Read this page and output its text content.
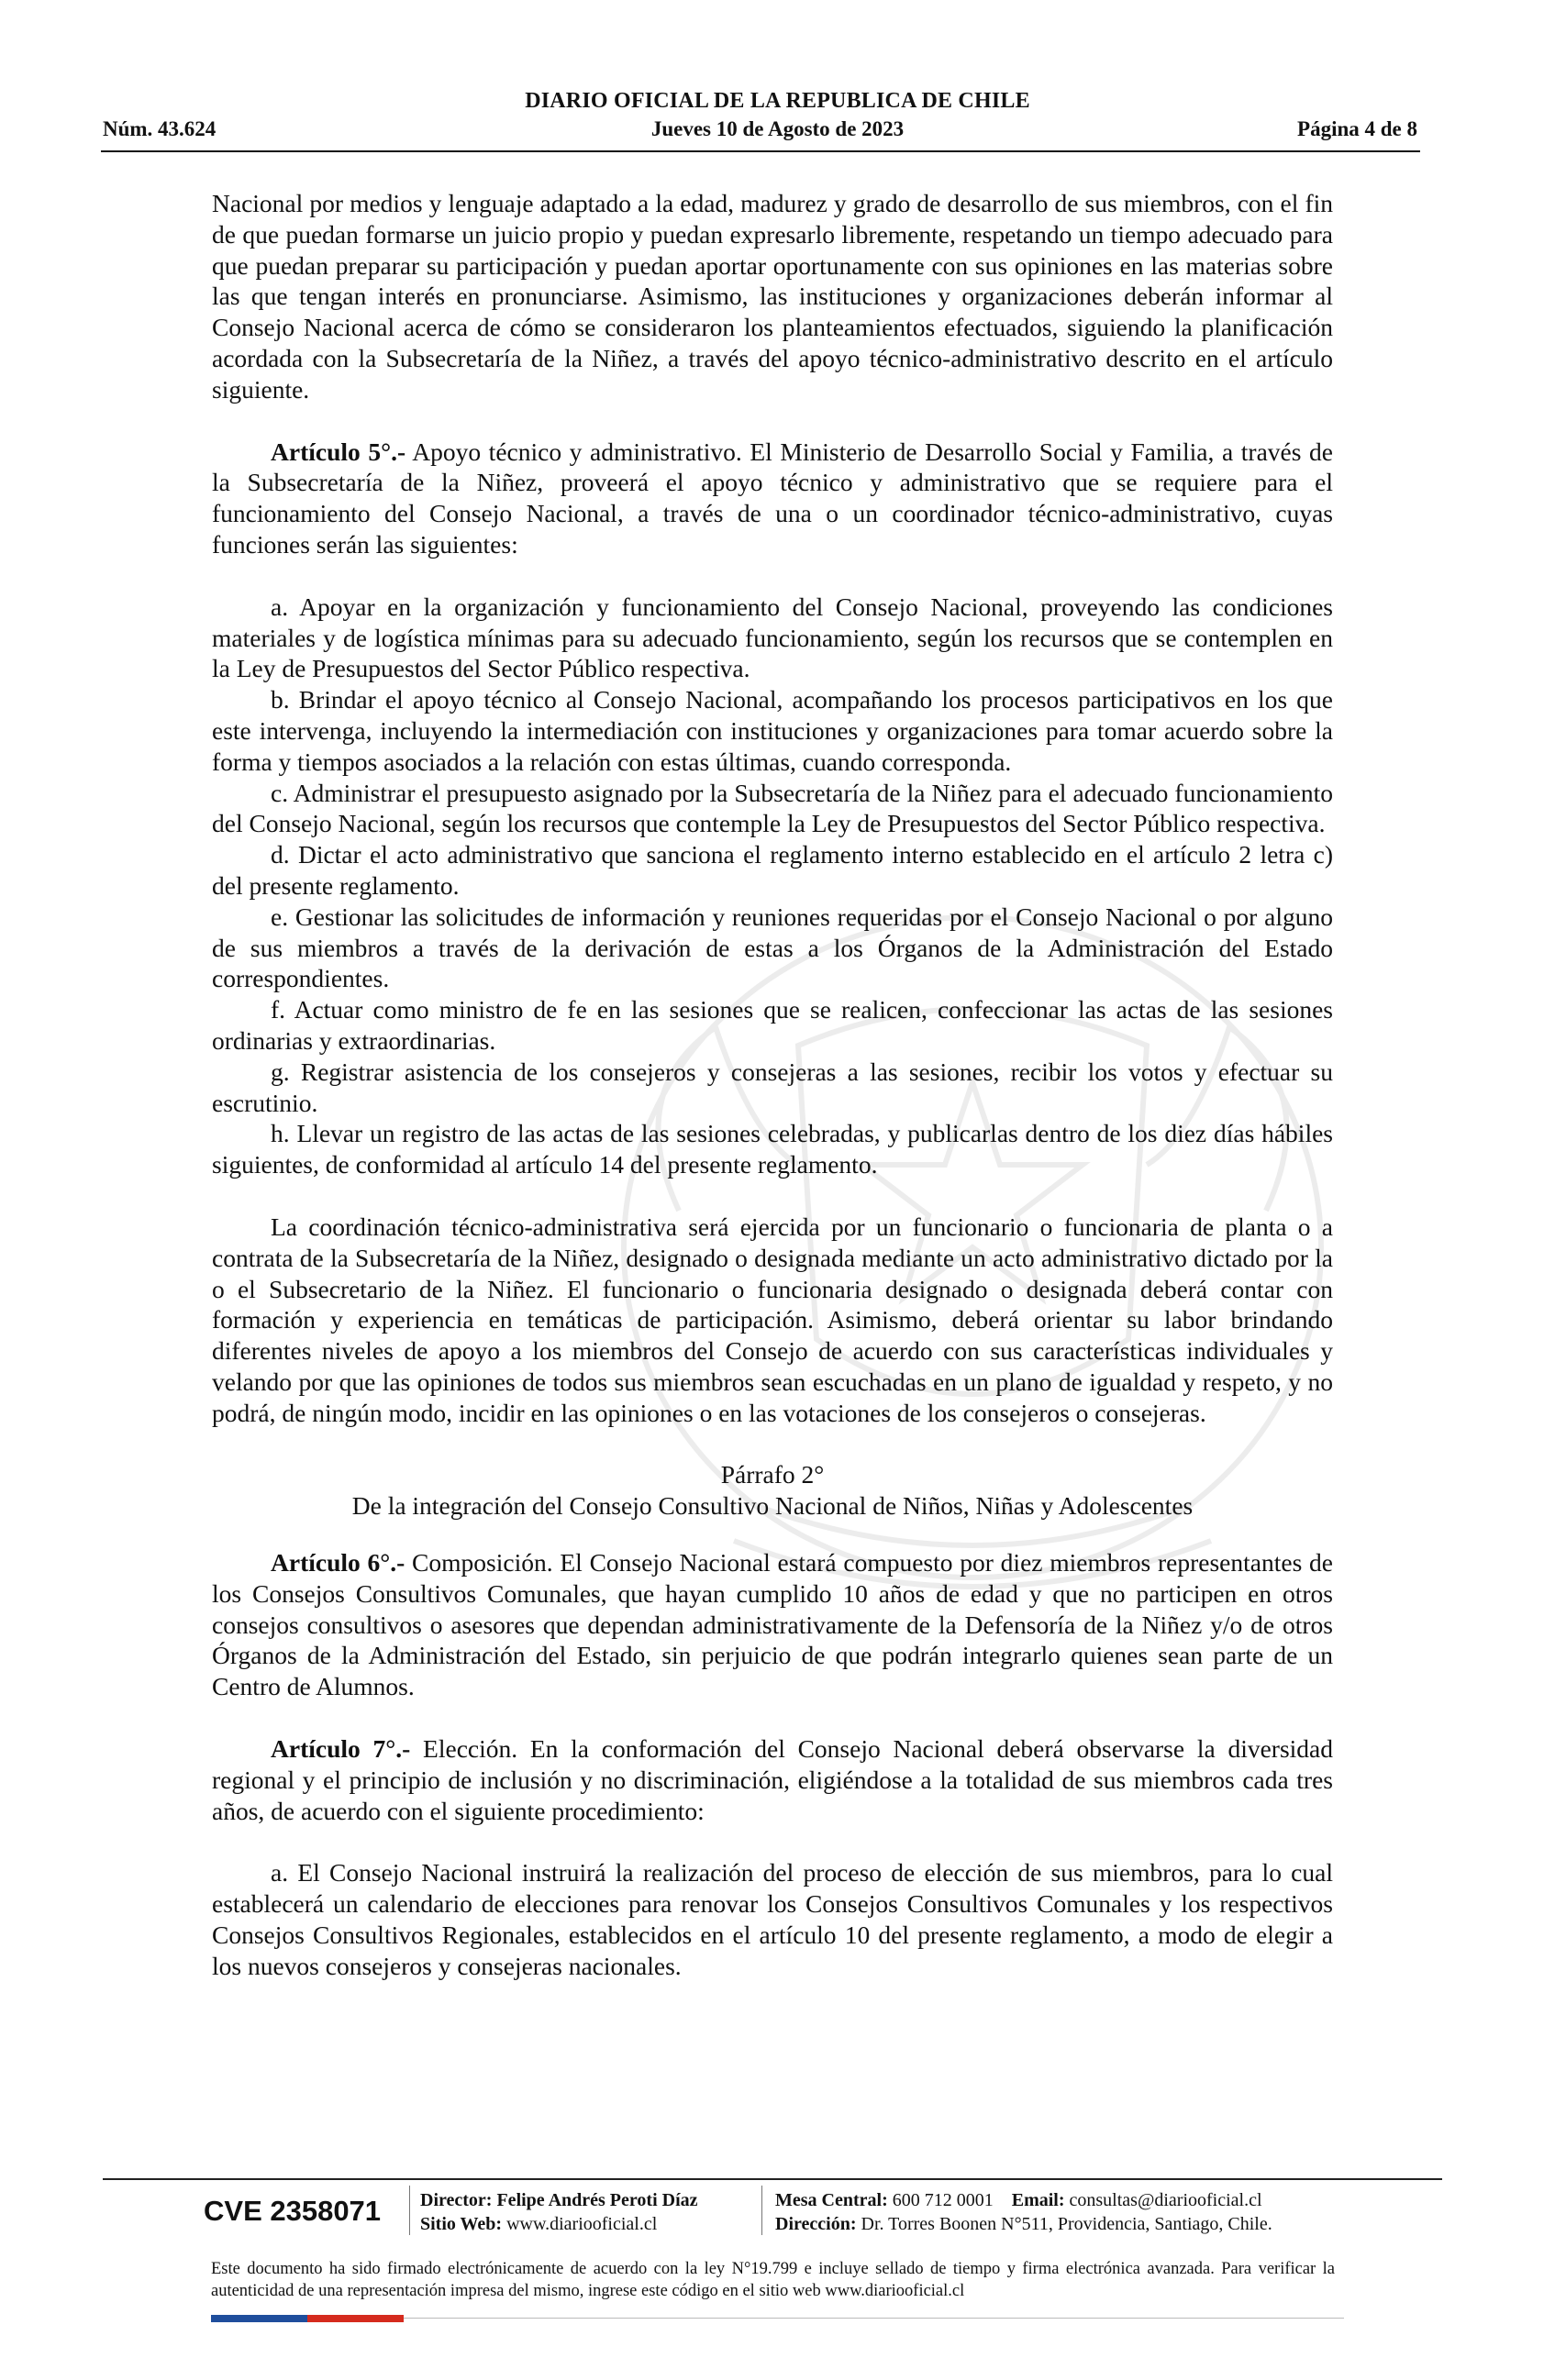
DIARIO OFICIAL DE LA REPUBLICA DE CHILE
Núm. 43.624	Jueves 10 de Agosto de 2023	Página 4 de 8

Nacional por medios y lenguaje adaptado a la edad, madurez y grado de desarrollo de sus miembros, con el fin de que puedan formarse un juicio propio y puedan expresarlo libremente, respetando un tiempo adecuado para que puedan preparar su participación y puedan aportar oportunamente con sus opiniones en las materias sobre las que tengan interés en pronunciarse. Asimismo, las instituciones y organizaciones deberán informar al Consejo Nacional acerca de cómo se consideraron los planteamientos efectuados, siguiendo la planificación acordada con la Subsecretaría de la Niñez, a través del apoyo técnico-administrativo descrito en el artículo siguiente.

Artículo 5°.- Apoyo técnico y administrativo. El Ministerio de Desarrollo Social y Familia, a través de la Subsecretaría de la Niñez, proveerá el apoyo técnico y administrativo que se requiere para el funcionamiento del Consejo Nacional, a través de una o un coordinador técnico-administrativo, cuyas funciones serán las siguientes:

a. Apoyar en la organización y funcionamiento del Consejo Nacional, proveyendo las condiciones materiales y de logística mínimas para su adecuado funcionamiento, según los recursos que se contemplen en la Ley de Presupuestos del Sector Público respectiva.

b. Brindar el apoyo técnico al Consejo Nacional, acompañando los procesos participativos en los que este intervenga, incluyendo la intermediación con instituciones y organizaciones para tomar acuerdo sobre la forma y tiempos asociados a la relación con estas últimas, cuando corresponda.

c. Administrar el presupuesto asignado por la Subsecretaría de la Niñez para el adecuado funcionamiento del Consejo Nacional, según los recursos que contemple la Ley de Presupuestos del Sector Público respectiva.

d. Dictar el acto administrativo que sanciona el reglamento interno establecido en el artículo 2 letra c) del presente reglamento.

e. Gestionar las solicitudes de información y reuniones requeridas por el Consejo Nacional o por alguno de sus miembros a través de la derivación de estas a los Órganos de la Administración del Estado correspondientes.

f. Actuar como ministro de fe en las sesiones que se realicen, confeccionar las actas de las sesiones ordinarias y extraordinarias.

g. Registrar asistencia de los consejeros y consejeras a las sesiones, recibir los votos y efectuar su escrutinio.

h. Llevar un registro de las actas de las sesiones celebradas, y publicarlas dentro de los diez días hábiles siguientes, de conformidad al artículo 14 del presente reglamento.

La coordinación técnico-administrativa será ejercida por un funcionario o funcionaria de planta o a contrata de la Subsecretaría de la Niñez, designado o designada mediante un acto administrativo dictado por la o el Subsecretario de la Niñez. El funcionario o funcionaria designado o designada deberá contar con formación y experiencia en temáticas de participación. Asimismo, deberá orientar su labor brindando diferentes niveles de apoyo a los miembros del Consejo de acuerdo con sus características individuales y velando por que las opiniones de todos sus miembros sean escuchadas en un plano de igualdad y respeto, y no podrá, de ningún modo, incidir en las opiniones o en las votaciones de los consejeros o consejeras.

Párrafo 2°

De la integración del Consejo Consultivo Nacional de Niños, Niñas y Adolescentes

Artículo 6°.- Composición. El Consejo Nacional estará compuesto por diez miembros representantes de los Consejos Consultivos Comunales, que hayan cumplido 10 años de edad y que no participen en otros consejos consultivos o asesores que dependan administrativamente de la Defensoría de la Niñez y/o de otros Órganos de la Administración del Estado, sin perjuicio de que podrán integrarlo quienes sean parte de un Centro de Alumnos.

Artículo 7°.- Elección. En la conformación del Consejo Nacional deberá observarse la diversidad regional y el principio de inclusión y no discriminación, eligiéndose a la totalidad de sus miembros cada tres años, de acuerdo con el siguiente procedimiento:

a. El Consejo Nacional instruirá la realización del proceso de elección de sus miembros, para lo cual establecerá un calendario de elecciones para renovar los Consejos Consultivos Comunales y los respectivos Consejos Consultivos Regionales, establecidos en el artículo 10 del presente reglamento, a modo de elegir a los nuevos consejeros y consejeras nacionales.

CVE 2358071 Director: Felipe Andrés Peroti Díaz
Sitio Web: www.diariooficial.cl
Mesa Central: 600 712 0001 Email: consultas@diariooficial.cl
Dirección: Dr. Torres Boonen N°511, Providencia, Santiago, Chile.
Este documento ha sido firmado electrónicamente de acuerdo con la ley N°19.799 e incluye sellado de tiempo y firma electrónica avanzada. Para verificar la autenticidad de una representación impresa del mismo, ingrese este código en el sitio web www.diariooficial.cl
